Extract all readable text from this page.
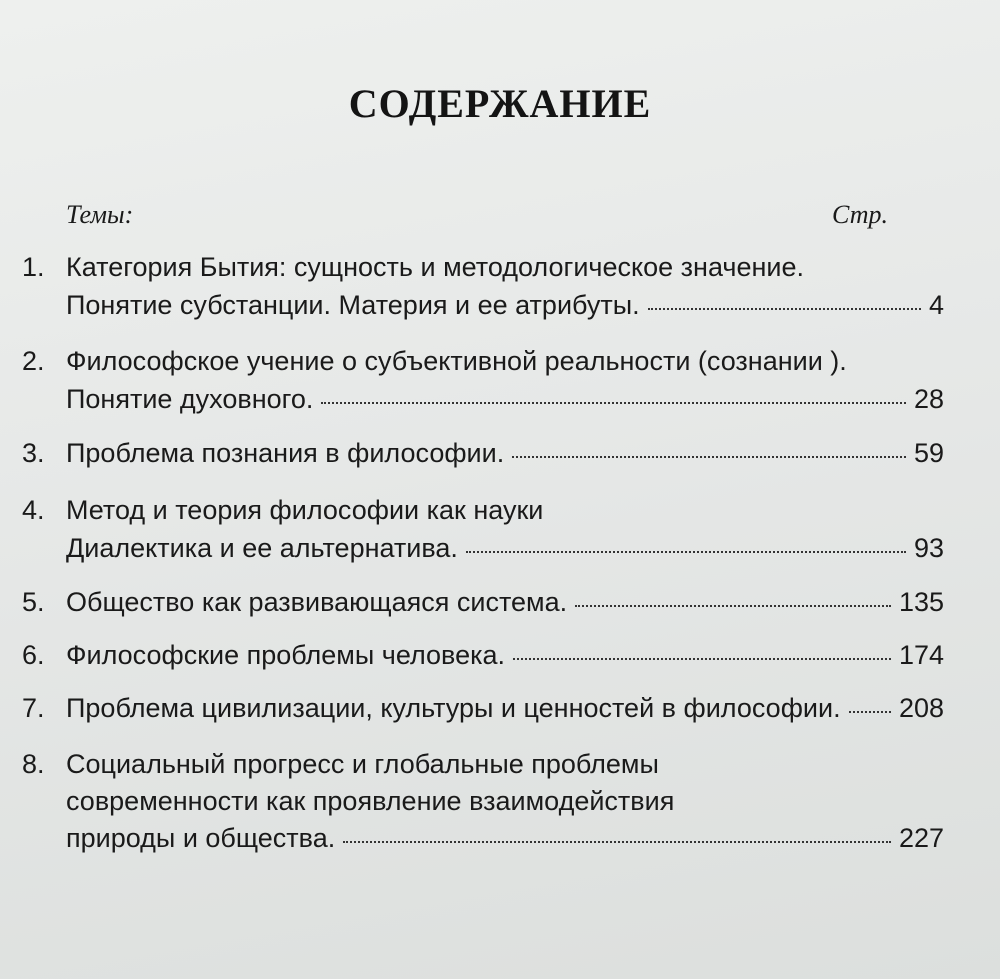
СОДЕРЖАНИЕ
Темы:	Стр.
1. Категория Бытия: сущность и методологическое значение.
Понятие субстанции. Материя и ее атрибуты.	4
2. Философское учение о субъективной реальности (сознании ).
Понятие духовного.	28
3. Проблема познания в философии.	59
4. Метод и теория философии как науки
Диалектика и ее альтернатива.	93
5. Общество как развивающаяся система.	135
6. Философские проблемы человека.	174
7. Проблема цивилизации, культуры и ценностей в философии. 208
8. Социальный прогресс и глобальные проблемы
современности как проявление взаимодействия
природы и общества.	227
